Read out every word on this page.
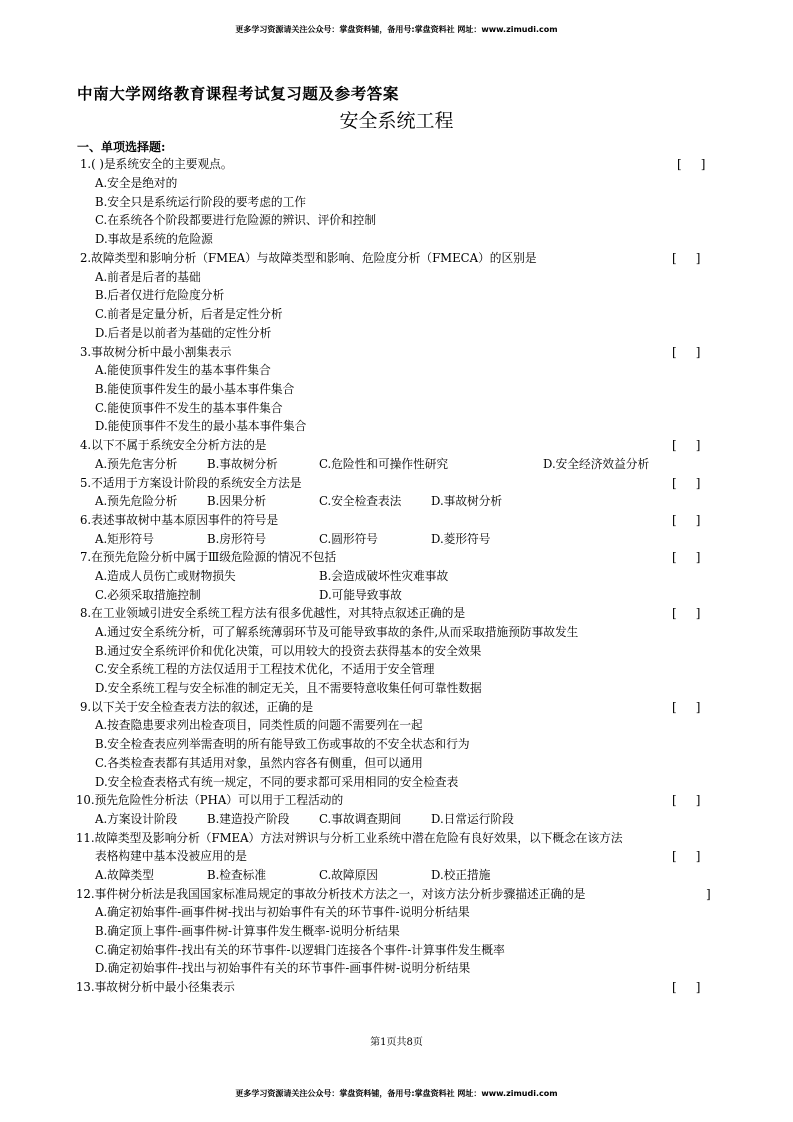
更多学习资源请关注公众号：掌盘资料铺，备用号:掌盘资料社 网址：www.zimudi.com
中南大学网络教育课程考试复习题及参考答案
安全系统工程
一、单项选择题:
1.( )是系统安全的主要观点。	[     ]
A.安全是绝对的
B.安全只是系统运行阶段的要考虑的工作
C.在系统各个阶段都要进行危险源的辨识、评价和控制
D.事故是系统的危险源
2.故障类型和影响分析（FMEA）与故障类型和影响、危险度分析（FMECA）的区别是	[     ]
A.前者是后者的基础
B.后者仅进行危险度分析
C.前者是定量分析，后者是定性分析
D.后者是以前者为基础的定性分析
3.事故树分析中最小割集表示	[     ]
A.能使顶事件发生的基本事件集合
B.能使顶事件发生的最小基本事件集合
C.能使顶事件不发生的基本事件集合
D.能使顶事件不发生的最小基本事件集合
4.以下不属于系统安全分析方法的是	[     ]
A.预先危害分析	B.事故树分析	C.危险性和可操作性研究	D.安全经济效益分析
5.不适用于方案设计阶段的系统安全方法是	[     ]
A.预先危险分析	B.因果分析	C.安全检查表法	D.事故树分析
6.表述事故树中基本原因事件的符号是	[     ]
A.矩形符号	B.房形符号	C.圆形符号	D.菱形符号
7.在预先危险分析中属于Ⅲ级危险源的情况不包括	[     ]
A.造成人员伤亡或财物损失	B.会造成破坏性灾难事故
C.必须采取措施控制	D.可能导致事故
8.在工业领域引进安全系统工程方法有很多优越性，对其特点叙述正确的是	[     ]
A.通过安全系统分析，可了解系统薄弱环节及可能导致事故的条件,从而采取措施预防事故发生
B.通过安全系统评价和优化决策，可以用较大的投资去获得基本的安全效果
C.安全系统工程的方法仅适用于工程技术优化，不适用于安全管理
D.安全系统工程与安全标准的制定无关，且不需要特意收集任何可靠性数据
9.以下关于安全检查表方法的叙述，正确的是	[     ]
A.按查隐患要求列出检查项目，同类性质的问题不需要列在一起
B.安全检查表应列举需查明的所有能导致工伤或事故的不安全状态和行为
C.各类检查表都有其适用对象，虽然内容各有侧重，但可以通用
D.安全检查表格式有统一规定，不同的要求都可采用相同的安全检查表
10.预先危险性分析法（PHA）可以用于工程活动的	[     ]
A.方案设计阶段	B.建造投产阶段	C.事故调查期间	D.日常运行阶段
11.故障类型及影响分析（FMEA）方法对辨识与分析工业系统中潜在危险有良好效果，以下概念在该方法
表格构建中基本没被应用的是	[     ]
A.故障类型	B.检查标准	C.故障原因	D.校正措施
12.事件树分析法是我国国家标准局规定的事故分析技术方法之一，对该方法分析步骤描述正确的是	]
A.确定初始事件-画事件树-找出与初始事件有关的环节事件-说明分析结果
B.确定顶上事件-画事件树-计算事件发生概率-说明分析结果
C.确定初始事件-找出有关的环节事件-以逻辑门连接各个事件-计算事件发生概率
D.确定初始事件-找出与初始事件有关的环节事件-画事件树-说明分析结果
13.事故树分析中最小径集表示	[     ]
第1页共8页
更多学习资源请关注公众号：掌盘资料铺，备用号:掌盘资料社 网址：www.zimudi.com
